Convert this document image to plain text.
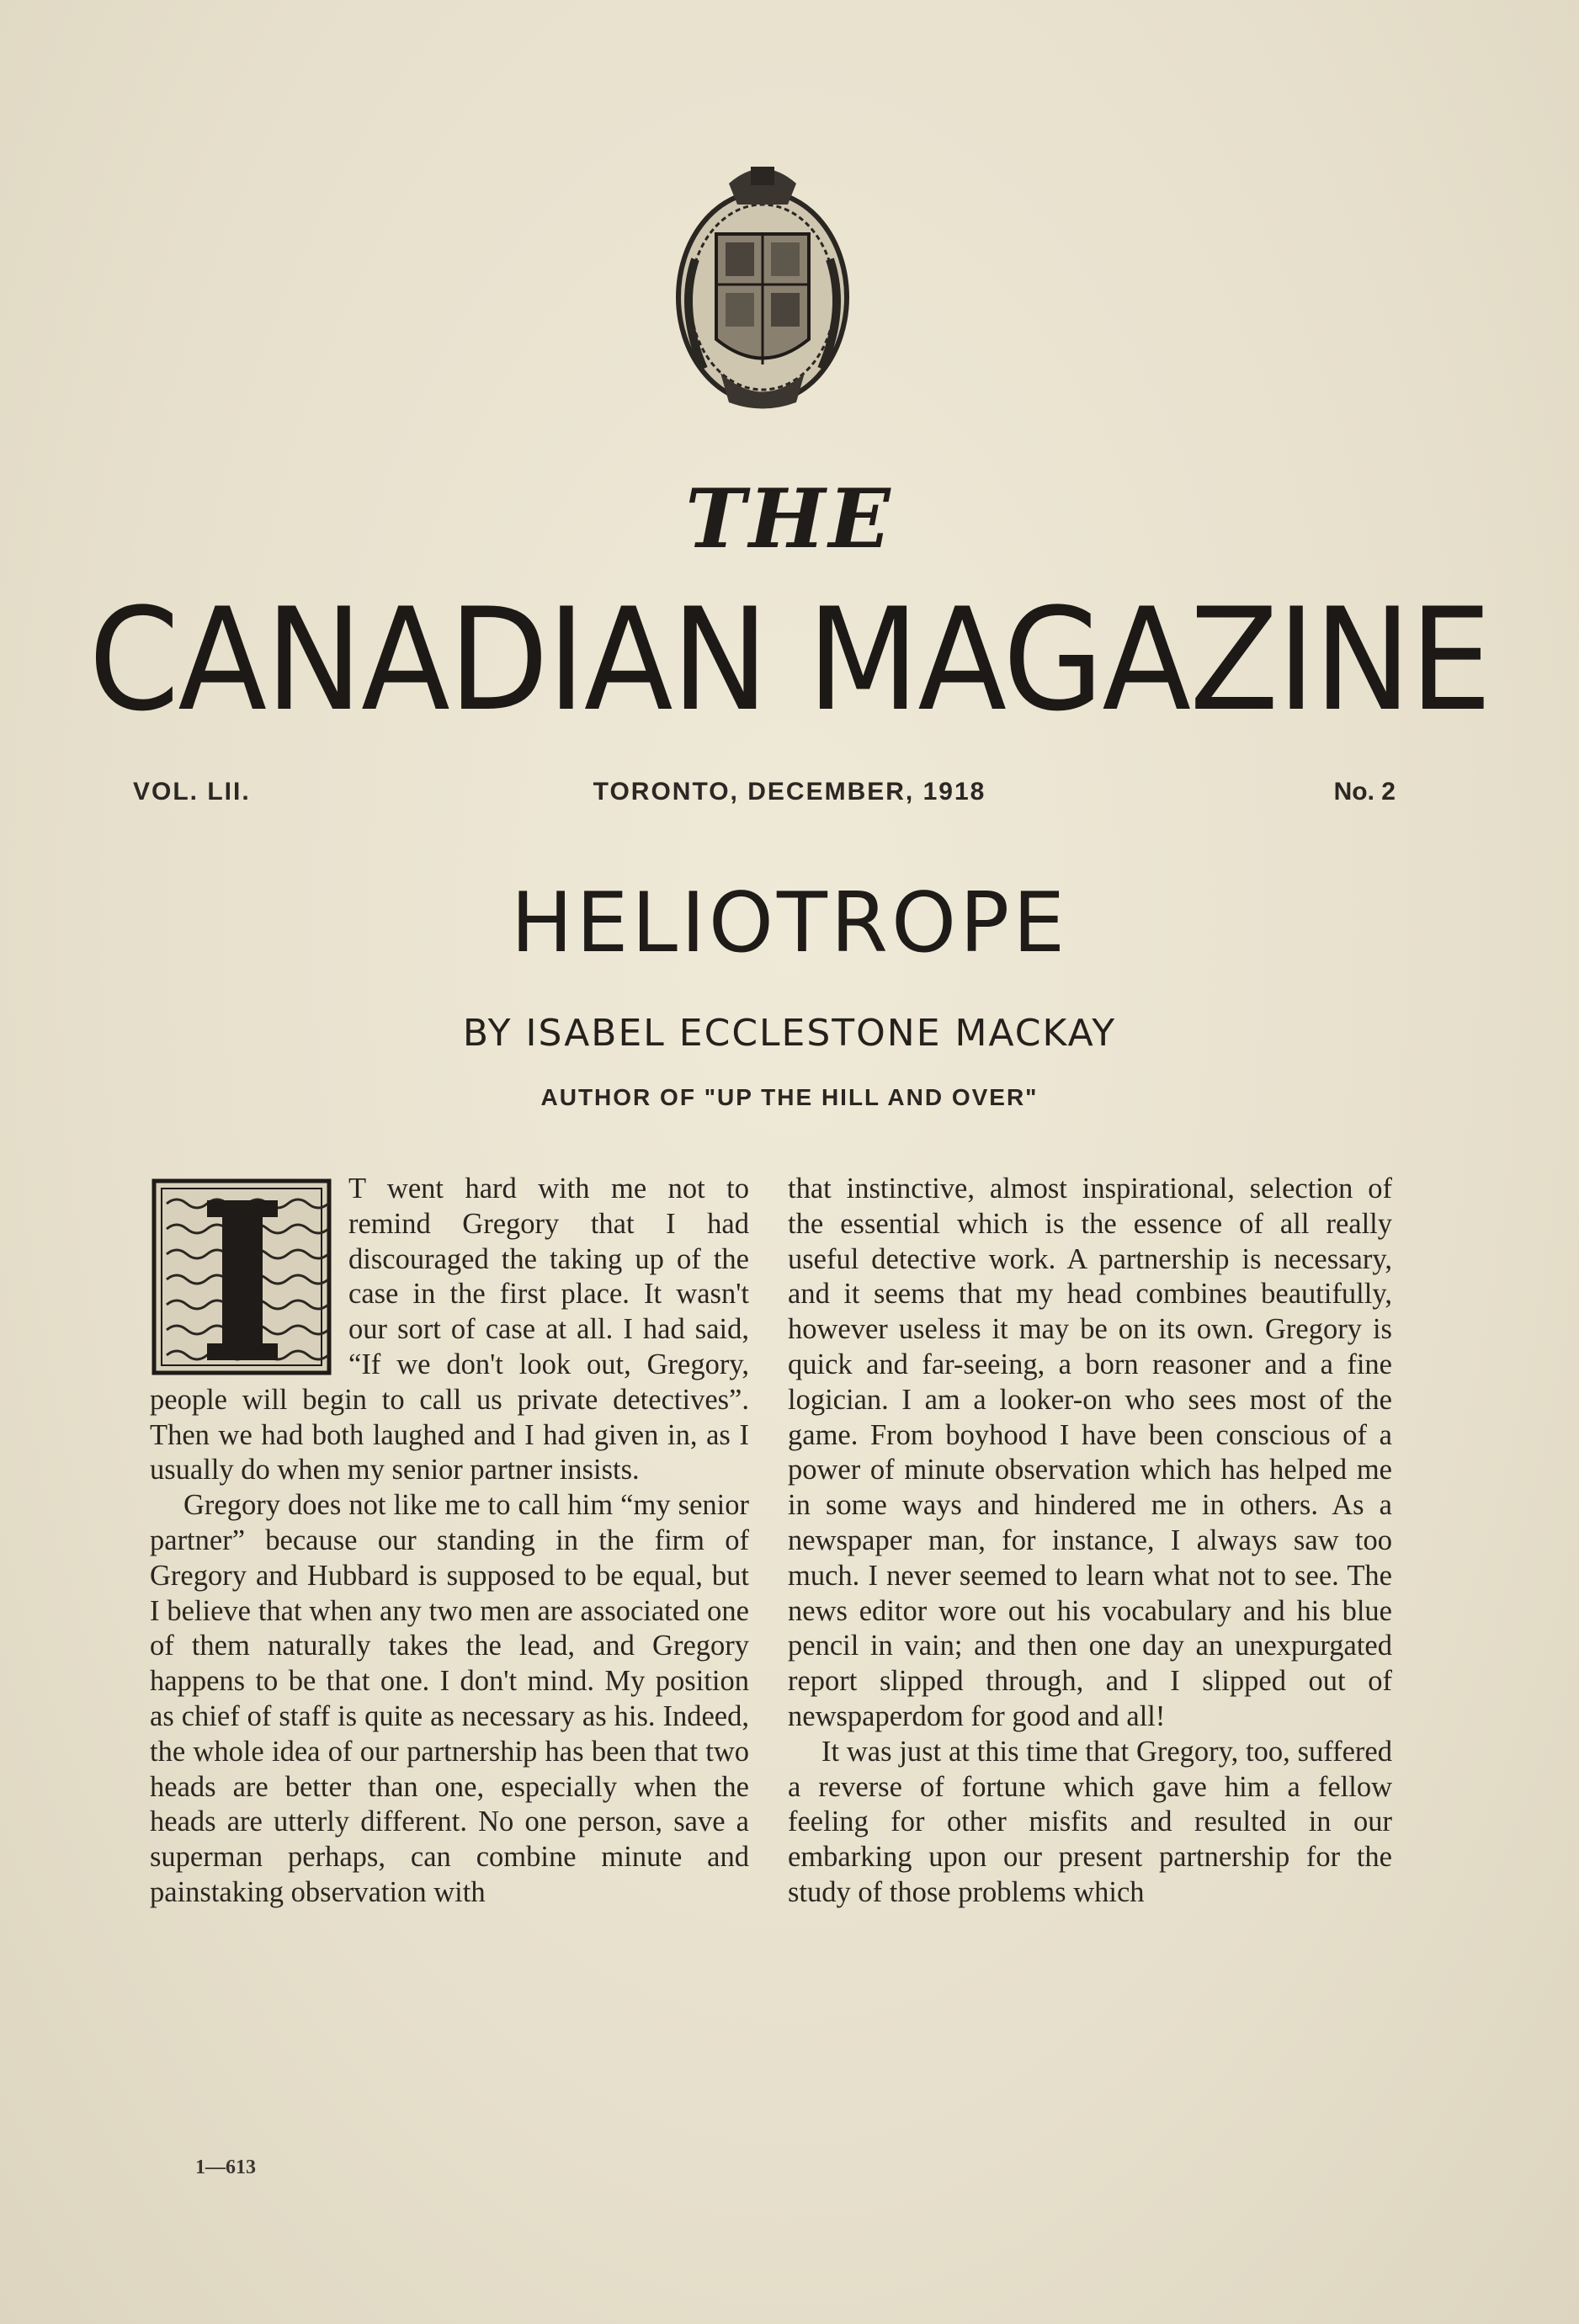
THE
CANADIAN MAGAZINE
VOL. LII.	TORONTO, DECEMBER, 1918	No. 2
HELIOTROPE
BY ISABEL ECCLESTONE MACKAY
AUTHOR OF "UP THE HILL AND OVER"

T went hard with me not to remind Gregory that I had discouraged the taking up of the case in the first place. It wasn't our sort of case at all. I had said, “If we don't look out, Gregory, people will begin to call us private detectives”. Then we had both laughed and I had given in, as I usually do when my senior partner insists.

Gregory does not like me to call him “my senior partner” because our standing in the firm of Gregory and Hubbard is supposed to be equal, but I believe that when any two men are associated one of them naturally takes the lead, and Gregory happens to be that one. I don't mind. My position as chief of staff is quite as necessary as his. Indeed, the whole idea of our partnership has been that two heads are better than one, especially when the heads are utterly different. No one person, save a superman perhaps, can combine minute and painstaking observation with

that instinctive, almost inspirational, selection of the essential which is the essence of all really useful detective work. A partnership is necessary, and it seems that my head combines beautifully, however useless it may be on its own. Gregory is quick and far-seeing, a born reasoner and a fine logician. I am a looker-on who sees most of the game. From boyhood I have been conscious of a power of minute observation which has helped me in some ways and hindered me in others. As a newspaper man, for instance, I always saw too much. I never seemed to learn what not to see. The news editor wore out his vocabulary and his blue pencil in vain; and then one day an unexpurgated report slipped through, and I slipped out of newspaperdom for good and all!

It was just at this time that Gregory, too, suffered a reverse of fortune which gave him a fellow feeling for other misfits and resulted in our embarking upon our present partnership for the study of those problems which

1—613
